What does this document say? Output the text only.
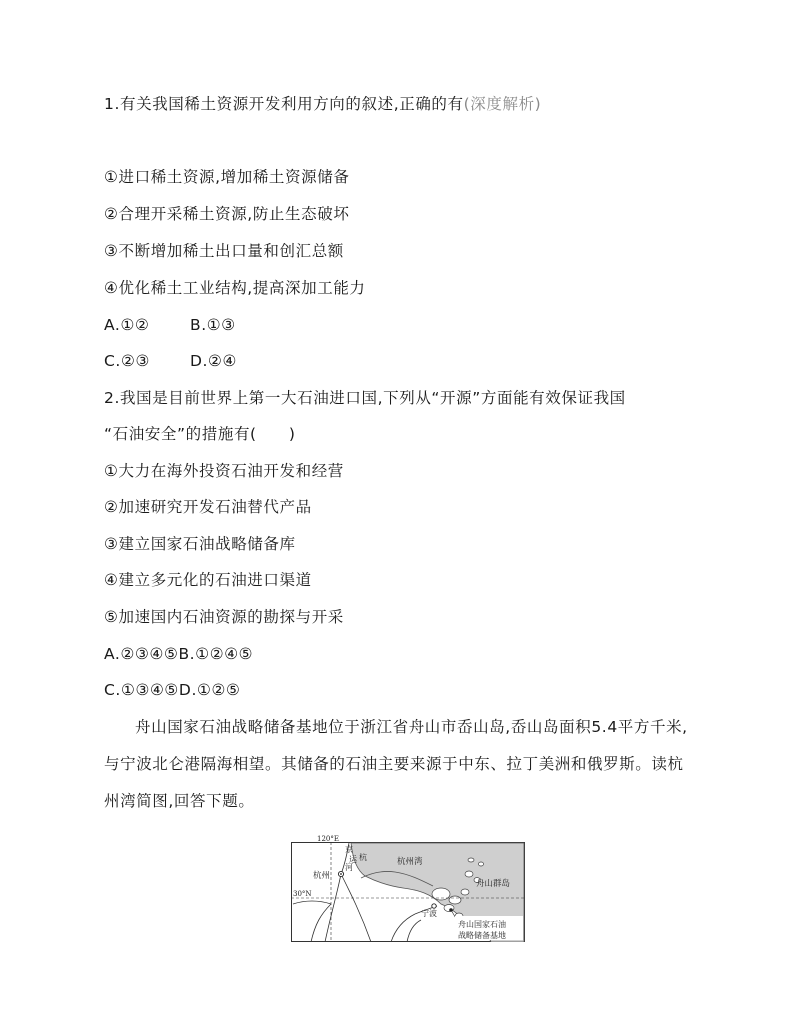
1.有关我国稀土资源开发利用方向的叙述,正确的有(深度解析)
①进口稀土资源,增加稀土资源储备
②合理开采稀土资源,防止生态破坏
③不断增加稀土出口量和创汇总额
④优化稀土工业结构,提高深加工能力
A.①②	B.①③
C.②③	D.②④
2.我国是目前世界上第一大石油进口国,下列从“开源”方面能有效保证我国
“石油安全”的措施有(　　)
①大力在海外投资石油开发和经营
②加速研究开发石油替代产品
③建立国家石油战略储备库
④建立多元化的石油进口渠道
⑤加速国内石油资源的勘探与开采
A.②③④⑤B.①②④⑤
C.①③④⑤D.①②⑤
舟山国家石油战略储备基地位于浙江省舟山市岙山岛,岙山岛面积5.4平方千米,与宁波北仑港隔海相望。其储备的石油主要来源于中东、拉丁美洲和俄罗斯。读杭州湾简图,回答下题。
120°E
30°N
京
杭
运
河
杭州
杭州湾
宁波
舟山群岛
舟山国家石油
战略储备基地
